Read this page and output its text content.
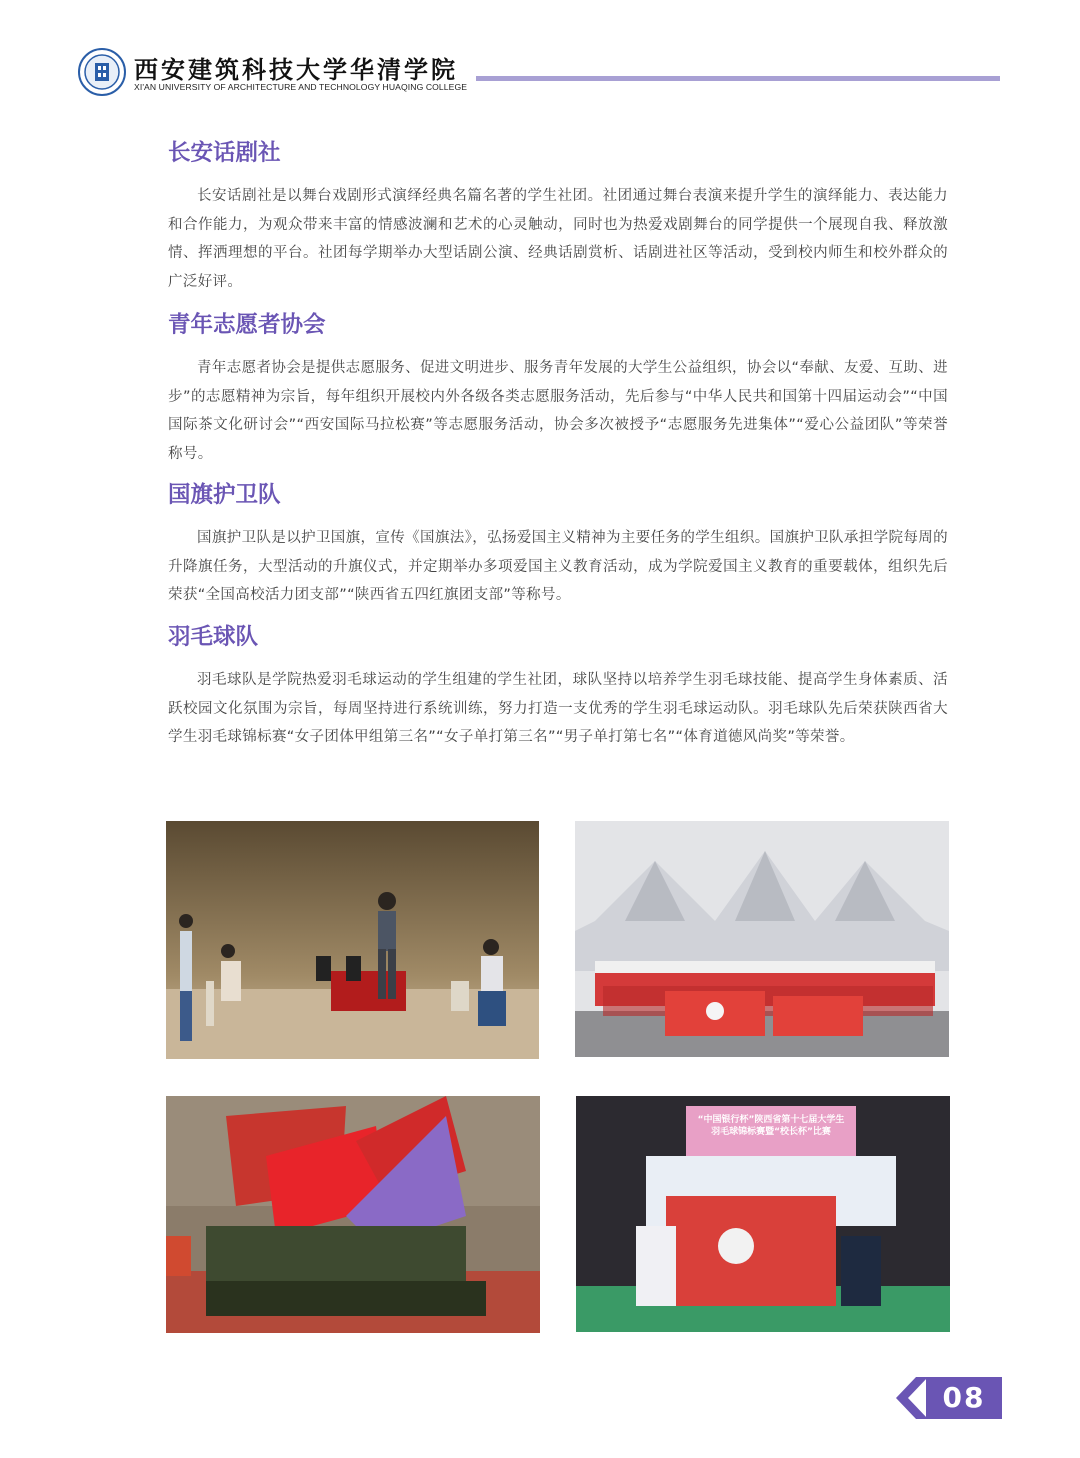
西安建筑科技大学华清学院
XI'AN UNIVERSITY OF ARCHITECTURE AND TECHNOLOGY HUAQING COLLEGE
长安话剧社

长安话剧社是以舞台戏剧形式演绎经典名篇名著的学生社团。社团通过舞台表演来提升学生的演绎能力、表达能力和合作能力，为观众带来丰富的情感波澜和艺术的心灵触动，同时也为热爱戏剧舞台的同学提供一个展现自我、释放激情、挥洒理想的平台。社团每学期举办大型话剧公演、经典话剧赏析、话剧进社区等活动，受到校内师生和校外群众的广泛好评。

青年志愿者协会

青年志愿者协会是提供志愿服务、促进文明进步、服务青年发展的大学生公益组织，协会以“奉献、友爱、互助、进步”的志愿精神为宗旨，每年组织开展校内外各级各类志愿服务活动，先后参与“中华人民共和国第十四届运动会”“中国国际茶文化研讨会”“西安国际马拉松赛”等志愿服务活动，协会多次被授予“志愿服务先进集体”“爱心公益团队”等荣誉称号。

国旗护卫队

国旗护卫队是以护卫国旗，宣传《国旗法》，弘扬爱国主义精神为主要任务的学生组织。国旗护卫队承担学院每周的升降旗任务，大型活动的升旗仪式，并定期举办多项爱国主义教育活动，成为学院爱国主义教育的重要载体，组织先后荣获“全国高校活力团支部”“陕西省五四红旗团支部”等称号。

羽毛球队

羽毛球队是学院热爱羽毛球运动的学生组建的学生社团，球队坚持以培养学生羽毛球技能、提高学生身体素质、活跃校园文化氛围为宗旨，每周坚持进行系统训练，努力打造一支优秀的学生羽毛球运动队。羽毛球队先后荣获陕西省大学生羽毛球锦标赛“女子团体甲组第三名”“女子单打第三名”“男子单打第七名”“体育道德风尚奖”等荣誉。

“中国银行杯”陕西省第十七届大学生羽毛球锦标赛暨“校长杯”比赛
08
